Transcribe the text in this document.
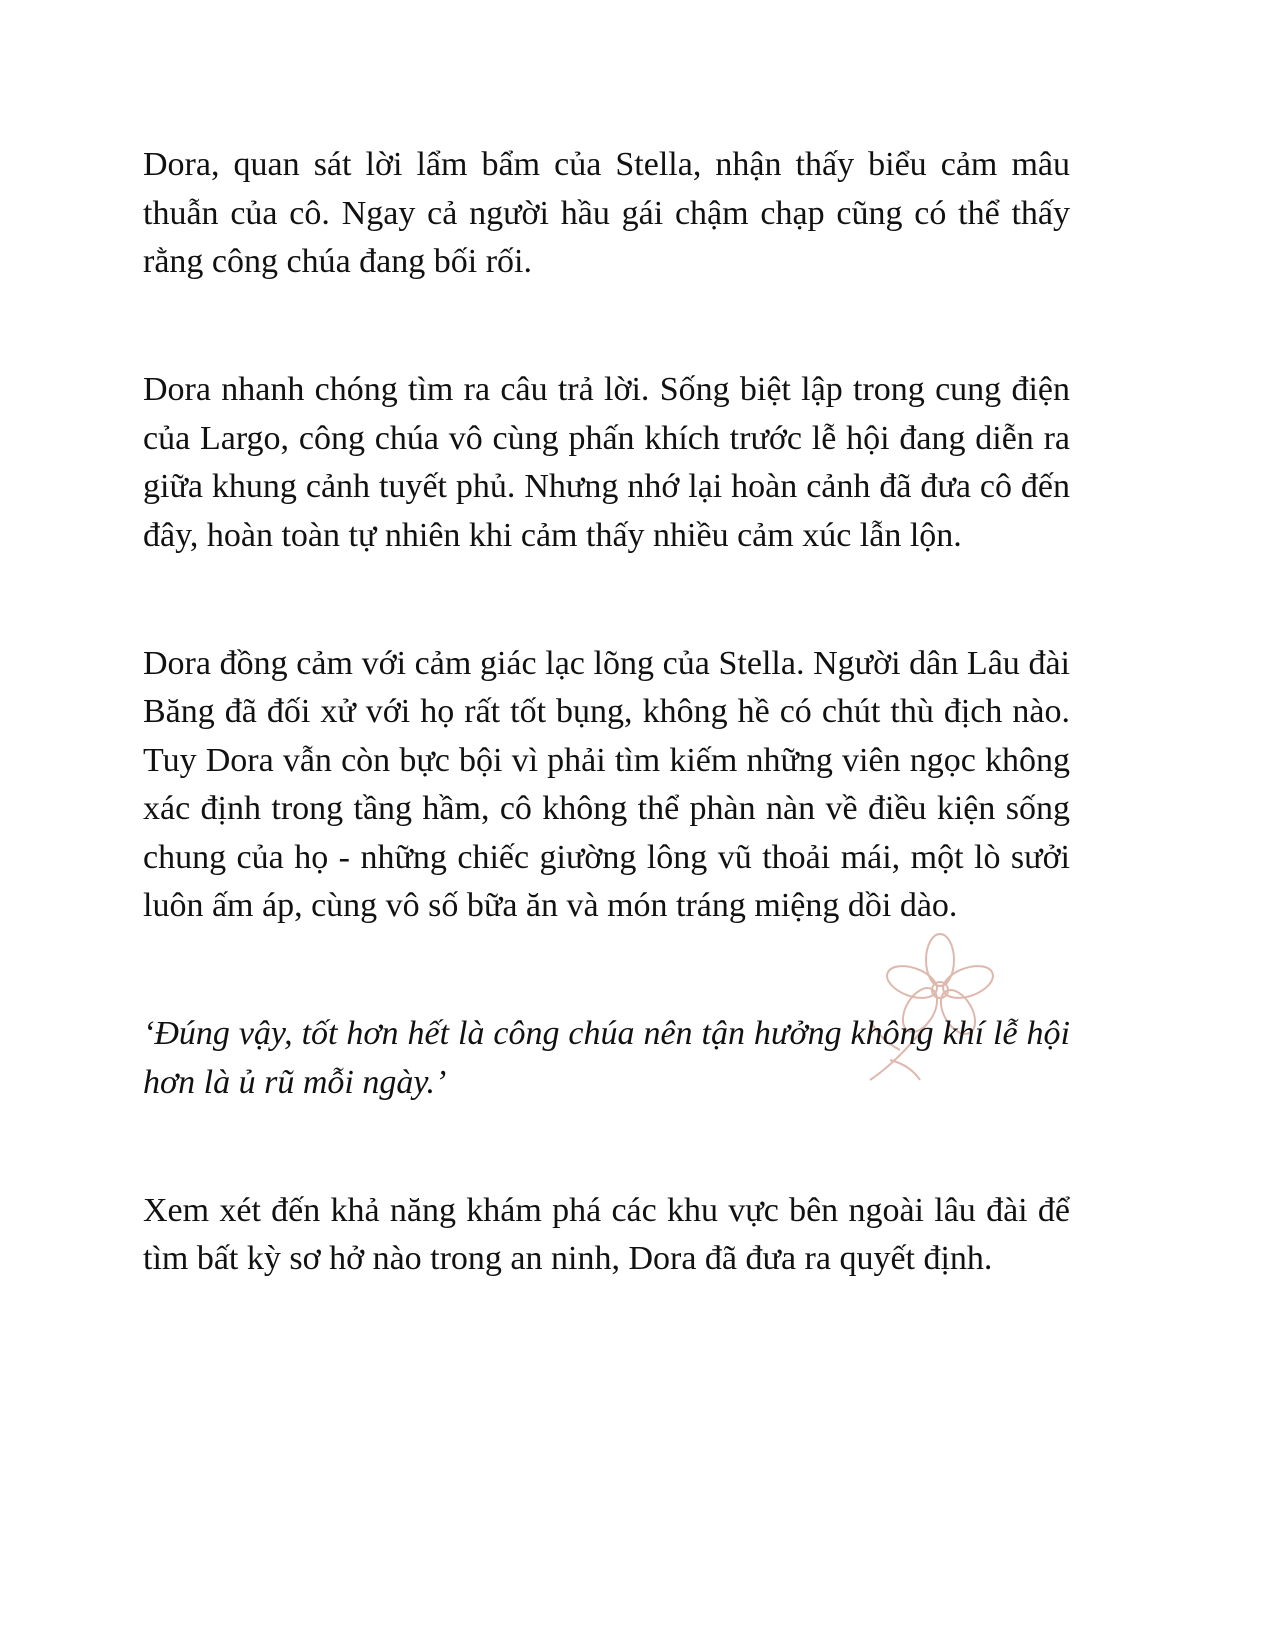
Dora, quan sát lời lẩm bẩm của Stella, nhận thấy biểu cảm mâu thuẫn của cô. Ngay cả người hầu gái chậm chạp cũng có thể thấy rằng công chúa đang bối rối.

Dora nhanh chóng tìm ra câu trả lời. Sống biệt lập trong cung điện của Largo, công chúa vô cùng phấn khích trước lễ hội đang diễn ra giữa khung cảnh tuyết phủ. Nhưng nhớ lại hoàn cảnh đã đưa cô đến đây, hoàn toàn tự nhiên khi cảm thấy nhiều cảm xúc lẫn lộn.

Dora đồng cảm với cảm giác lạc lõng của Stella. Người dân Lâu đài Băng đã đối xử với họ rất tốt bụng, không hề có chút thù địch nào. Tuy Dora vẫn còn bực bội vì phải tìm kiếm những viên ngọc không xác định trong tầng hầm, cô không thể phàn nàn về điều kiện sống chung của họ - những chiếc giường lông vũ thoải mái, một lò sưởi luôn ấm áp, cùng vô số bữa ăn và món tráng miệng dồi dào.

‘Đúng vậy, tốt hơn hết là công chúa nên tận hưởng không khí lễ hội hơn là ủ rũ mỗi ngày.’

Xem xét đến khả năng khám phá các khu vực bên ngoài lâu đài để tìm bất kỳ sơ hở nào trong an ninh, Dora đã đưa ra quyết định.
